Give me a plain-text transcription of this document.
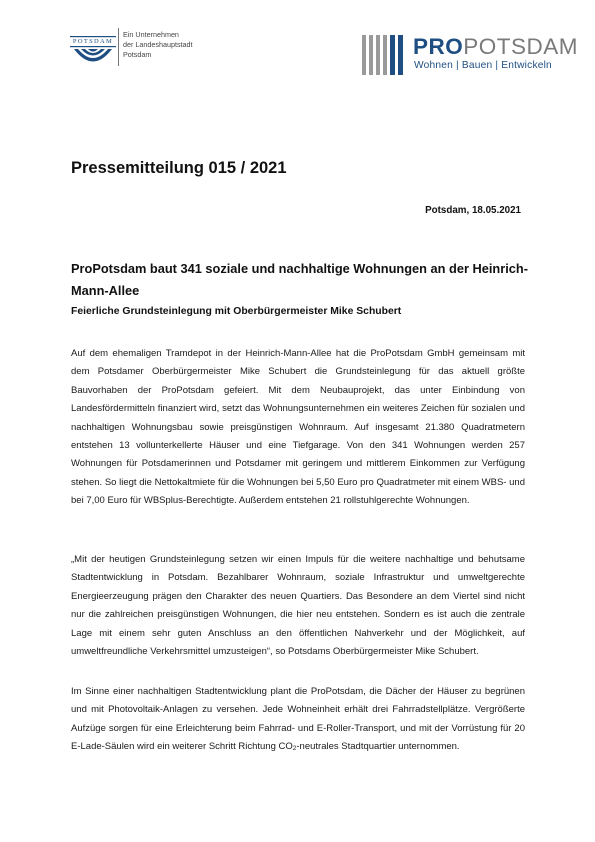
POTSDAM
Ein Unternehmen
der Landeshauptstadt
Potsdam	PROPOTSDAM
Wohnen | Bauen | Entwickeln
Pressemitteilung 015 / 2021
Potsdam, 18.05.2021
ProPotsdam baut 341 soziale und nachhaltige Wohnungen an der Heinrich-Mann-Allee
Feierliche Grundsteinlegung mit Oberbürgermeister Mike Schubert
Auf dem ehemaligen Tramdepot in der Heinrich-Mann-Allee hat die ProPotsdam GmbH gemeinsam mit dem Potsdamer Oberbürgermeister Mike Schubert die Grundsteinlegung für das aktuell größte Bauvorhaben der ProPotsdam gefeiert. Mit dem Neubauprojekt, das unter Einbindung von Landesfördermitteln finanziert wird, setzt das Wohnungsunternehmen ein weiteres Zeichen für sozialen und nachhaltigen Wohnungsbau sowie preisgünstigen Wohnraum. Auf insgesamt 21.380 Quadratmetern entstehen 13 vollunterkellerte Häuser und eine Tiefgarage. Von den 341 Wohnungen werden 257 Wohnungen für Potsdamerinnen und Potsdamer mit geringem und mittlerem Einkommen zur Verfügung stehen. So liegt die Nettokaltmiete für die Wohnungen bei 5,50 Euro pro Quadratmeter mit einem WBS- und bei 7,00 Euro für WBSplus-Berechtigte. Außerdem entstehen 21 rollstuhlgerechte Wohnungen.
„Mit der heutigen Grundsteinlegung setzen wir einen Impuls für die weitere nachhaltige und behutsame Stadtentwicklung in Potsdam. Bezahlbarer Wohnraum, soziale Infrastruktur und umweltgerechte Energieerzeugung prägen den Charakter des neuen Quartiers. Das Besondere an dem Viertel sind nicht nur die zahlreichen preisgünstigen Wohnungen, die hier neu entstehen. Sondern es ist auch die zentrale Lage mit einem sehr guten Anschluss an den öffentlichen Nahverkehr und der Möglichkeit, auf umweltfreundliche Verkehrsmittel umzusteigen“, so Potsdams Oberbürgermeister Mike Schubert.
Im Sinne einer nachhaltigen Stadtentwicklung plant die ProPotsdam, die Dächer der Häuser zu begrünen und mit Photovoltaik-Anlagen zu versehen. Jede Wohneinheit erhält drei Fahrradstellplätze. Vergrößerte Aufzüge sorgen für eine Erleichterung beim Fahrrad- und E-Roller-Transport, und mit der Vorrüstung für 20 E-Lade-Säulen wird ein weiterer Schritt Richtung $CO_2$-neutrales Stadtquartier unternommen.
